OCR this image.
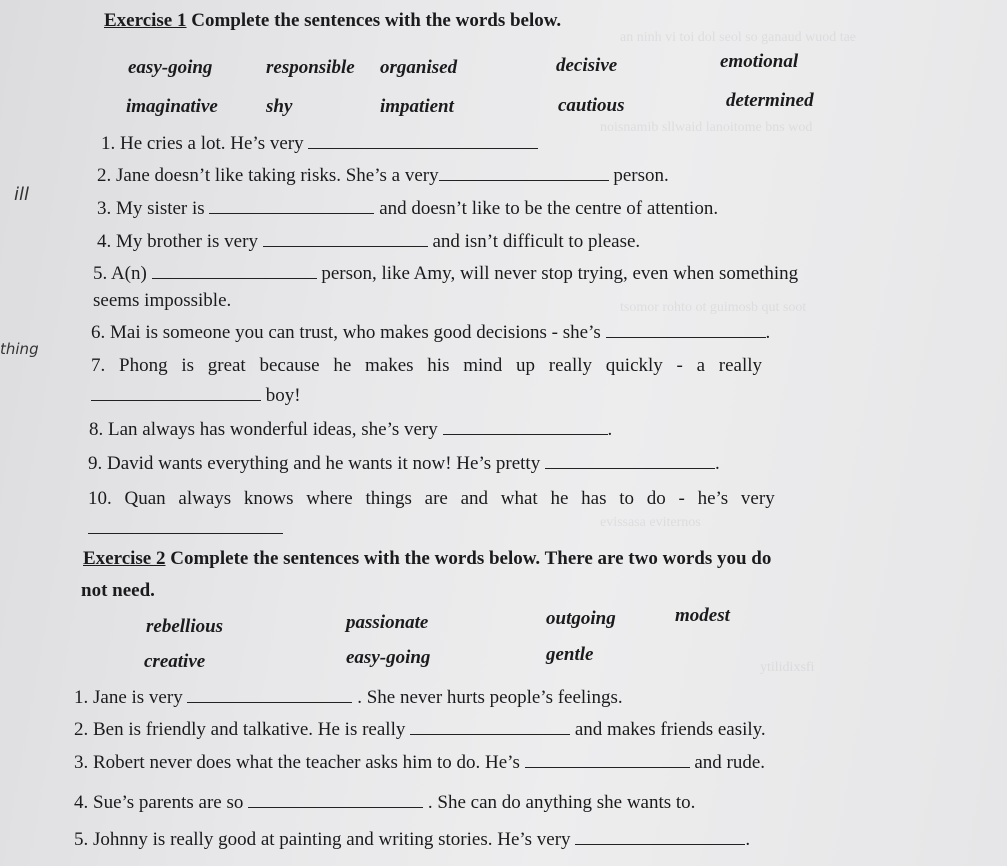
an ninh vi toi dol seol so ganaud wuod tae
noisnamib sllwaid lanoitome bns wod
tsomor rohto ot guimosb qut soot
evissasa eviternos
ytilidixsfi
ill
thing
Exercise 1 Complete the sentences with the words below.
easy-going	responsible organised	decisive	emotional
imaginative	shy	impatient	cautious	determined
1. He cries a lot. He’s very
2. Jane doesn’t like taking risks. She’s a very	person.
3. My sister is	and doesn’t like to be the centre of attention.
4. My brother is very	and isn’t difficult to please.
5. A(n)	person, like Amy, will never stop trying, even when something
seems impossible.
6. Mai is someone you can trust, who makes good decisions - she’s	.
7. Phong is great because he makes his mind up really quickly - a really
boy!
8. Lan always has wonderful ideas, she’s very	.
9. David wants everything and he wants it now! He’s pretty	.
10. Quan always knows where things are and what he has to do - he’s very
Exercise 2 Complete the sentences with the words below. There are two words you do
not need.
rebellious	passionate	outgoing	modest
creative	easy-going	gentle
1. Jane is very	. She never hurts people’s feelings.
2. Ben is friendly and talkative. He is really	and makes friends easily.
3. Robert never does what the teacher asks him to do. He’s	and rude.
4. Sue’s parents are so	. She can do anything she wants to.
5. Johnny is really good at painting and writing stories. He’s very	.
